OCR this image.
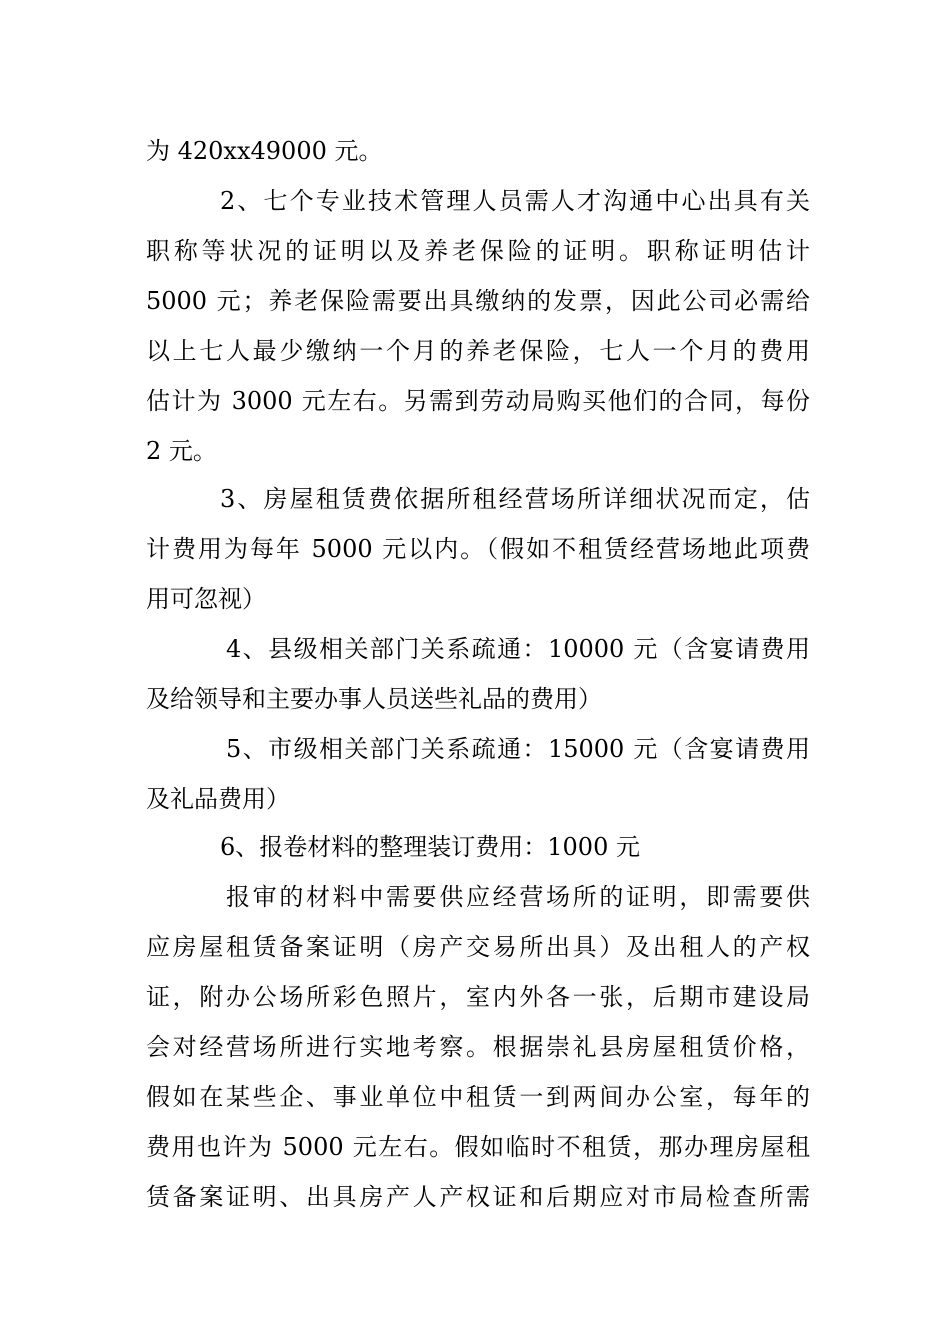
为 420xx49000 元。
2、七个专业技术管理人员需人才沟通中心出具有关
职称等状况的证明以及养老保险的证明。职称证明估计
5000 元；养老保险需要出具缴纳的发票，因此公司必需给
以上七人最少缴纳一个月的养老保险，七人一个月的费用
估计为 3000 元左右。另需到劳动局购买他们的合同，每份
2 元。
3、房屋租赁费依据所租经营场所详细状况而定，估
计费用为每年 5000 元以内。（假如不租赁经营场地此项费
用可忽视）
4、县级相关部门关系疏通：10000 元（含宴请费用
及给领导和主要办事人员送些礼品的费用）
5、市级相关部门关系疏通：15000 元（含宴请费用
及礼品费用）
6、报卷材料的整理装订费用：1000 元
报审的材料中需要供应经营场所的证明，即需要供
应房屋租赁备案证明（房产交易所出具）及出租人的产权
证，附办公场所彩色照片，室内外各一张，后期市建设局
会对经营场所进行实地考察。根据崇礼县房屋租赁价格，
假如在某些企、事业单位中租赁一到两间办公室，每年的
费用也许为 5000 元左右。假如临时不租赁，那办理房屋租
赁备案证明、出具房产人产权证和后期应对市局检查所需
